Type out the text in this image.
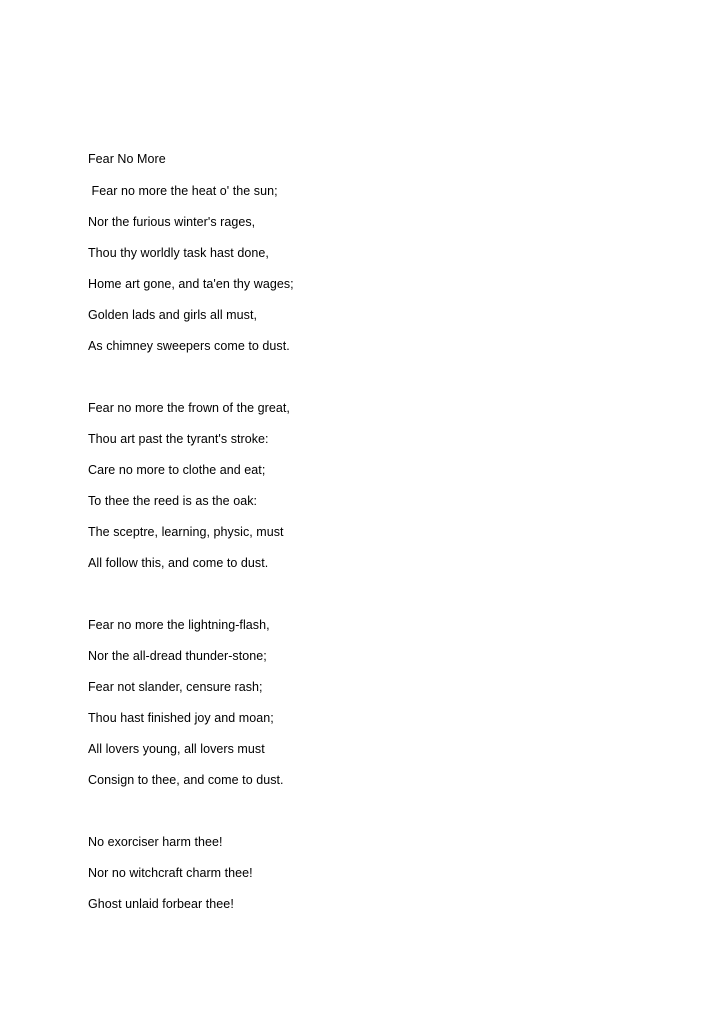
Fear No More
Fear no more the heat o' the sun;
Nor the furious winter's rages,
Thou thy worldly task hast done,
Home art gone, and ta'en thy wages;
Golden lads and girls all must,
As chimney sweepers come to dust.
Fear no more the frown of the great,
Thou art past the tyrant's stroke:
Care no more to clothe and eat;
To thee the reed is as the oak:
The sceptre, learning, physic, must
All follow this, and come to dust.
Fear no more the lightning-flash,
Nor the all-dread thunder-stone;
Fear not slander, censure rash;
Thou hast finished joy and moan;
All lovers young, all lovers must
Consign to thee, and come to dust.
No exorciser harm thee!
Nor no witchcraft charm thee!
Ghost unlaid forbear thee!
